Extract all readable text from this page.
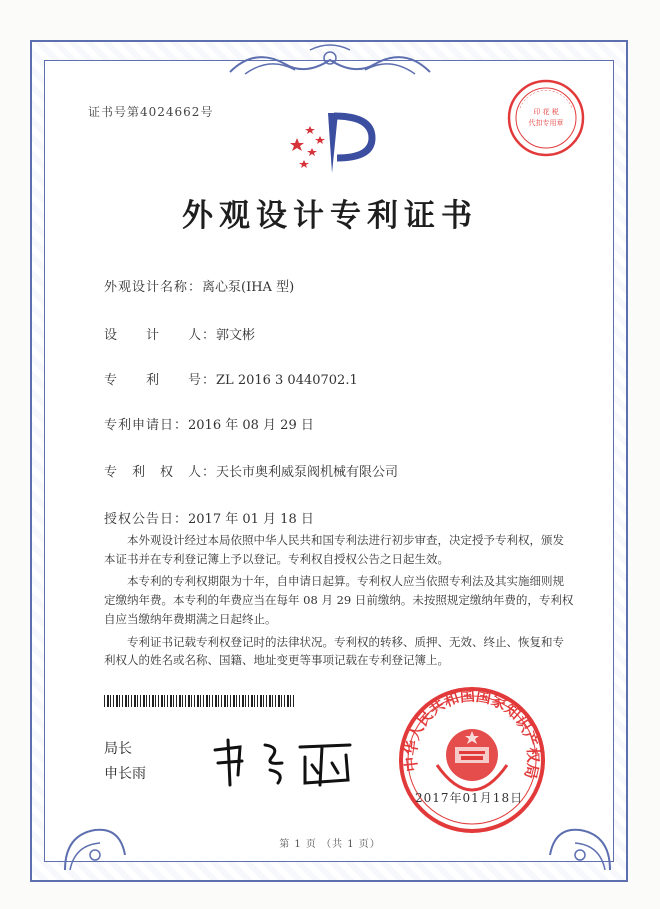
证书号第4024662号	印 花 税
代扣专用章
外观设计专利证书
外观设计名称：离心泵(IHA 型)
设　　计　　人：郭文彬
专　　利　　号：ZL 2016 3 0440702.1
专利申请日：2016 年 08 月 29 日
专　利　权　人：天长市奥利威泵阀机械有限公司
授权公告日：2017 年 01 月 18 日

本外观设计经过本局依照中华人民共和国专利法进行初步审查，决定授予专利权，颁发本证书并在专利登记簿上予以登记。专利权自授权公告之日起生效。

本专利的专利权期限为十年，自申请日起算。专利权人应当依照专利法及其实施细则规定缴纳年费。本专利的年费应当在每年 08 月 29 日前缴纳。未按照规定缴纳年费的，专利权自应当缴纳年费期满之日起终止。

专利证书记载专利权登记时的法律状况。专利权的转移、质押、无效、终止、恢复和专利权人的姓名或名称、国籍、地址变更等事项记载在专利登记簿上。

局长
申长雨
中华人民共和国国家知识产权局
2017年01月18日
第 1 页 （共 1 页）
